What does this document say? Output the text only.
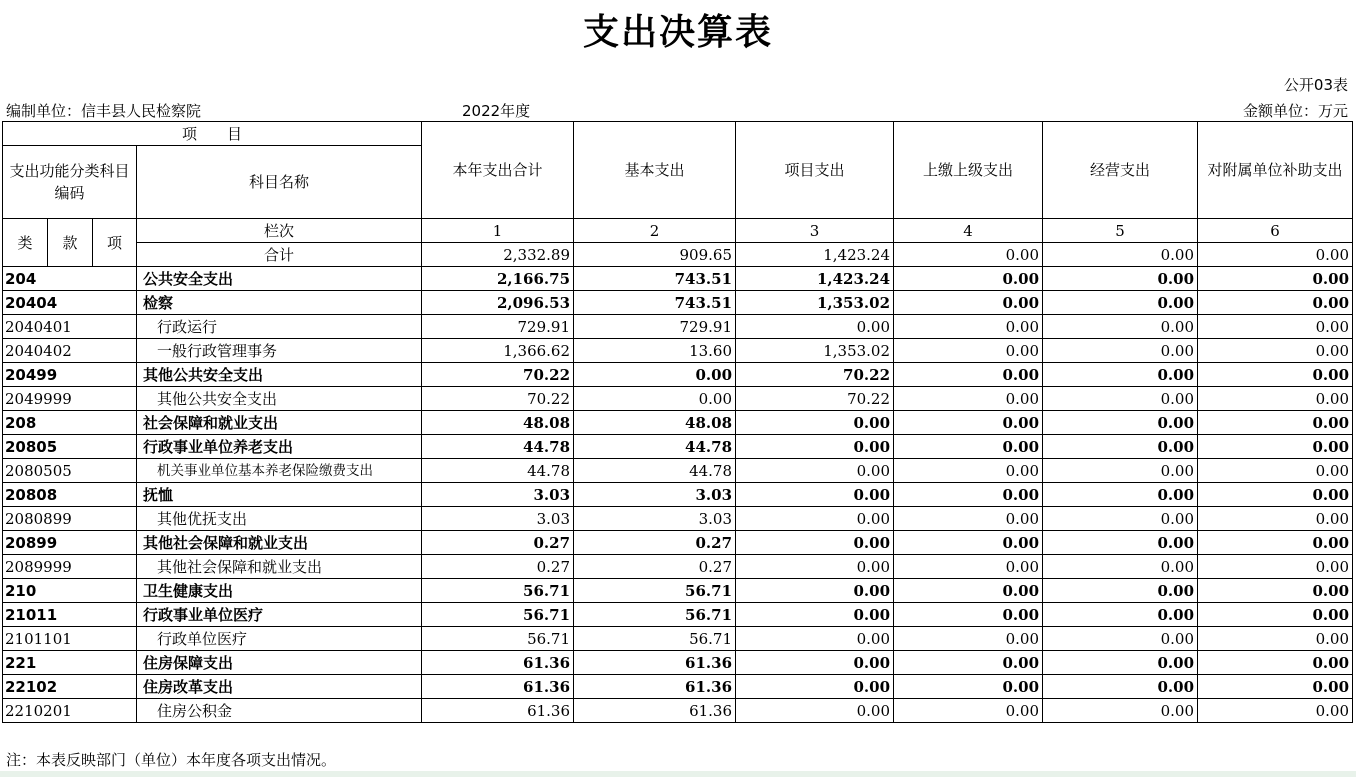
支出决算表
公开03表
编制单位：信丰县人民检察院	2022年度	金额单位：万元
项　　目				本年支出合计	基本支出	项目支出	上缴上级支出	经营支出	对附属单位补助支出
支出功能分类科目编码			科目名称						

类	款	项	栏次	1	2	3	4	5	6
			合计	2,332.89	909.65	1,423.24	0.00	0.00	0.00
204			公共安全支出	2,166.75	743.51	1,423.24	0.00	0.00	0.00
20404			检察	2,096.53	743.51	1,353.02	0.00	0.00	0.00
2040401			行政运行	729.91	729.91	0.00	0.00	0.00	0.00
2040402			一般行政管理事务	1,366.62	13.60	1,353.02	0.00	0.00	0.00
20499			其他公共安全支出	70.22	0.00	70.22	0.00	0.00	0.00
2049999			其他公共安全支出	70.22	0.00	70.22	0.00	0.00	0.00
208			社会保障和就业支出	48.08	48.08	0.00	0.00	0.00	0.00
20805			行政事业单位养老支出	44.78	44.78	0.00	0.00	0.00	0.00
2080505			机关事业单位基本养老保险缴费支出	44.78	44.78	0.00	0.00	0.00	0.00
20808			抚恤	3.03	3.03	0.00	0.00	0.00	0.00
2080899			其他优抚支出	3.03	3.03	0.00	0.00	0.00	0.00
20899			其他社会保障和就业支出	0.27	0.27	0.00	0.00	0.00	0.00
2089999			其他社会保障和就业支出	0.27	0.27	0.00	0.00	0.00	0.00
210			卫生健康支出	56.71	56.71	0.00	0.00	0.00	0.00
21011			行政事业单位医疗	56.71	56.71	0.00	0.00	0.00	0.00
2101101			行政单位医疗	56.71	56.71	0.00	0.00	0.00	0.00
221			住房保障支出	61.36	61.36	0.00	0.00	0.00	0.00
22102			住房改革支出	61.36	61.36	0.00	0.00	0.00	0.00
2210201			住房公积金	61.36	61.36	0.00	0.00	0.00	0.00
注：本表反映部门（单位）本年度各项支出情况。
